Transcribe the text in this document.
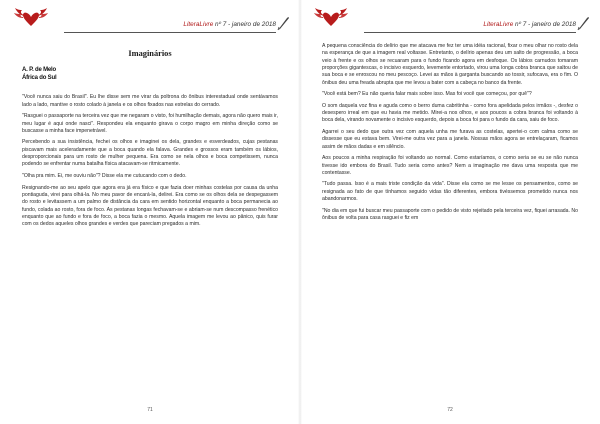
LiteraLivre nº 7 - janeiro de 2018
Imaginários
A. P. de Melo
África do Sul

"Você nunca saiu do Brasil". Eu lhe disse sem me virar da poltrona do ônibus interestadual onde sentávamos lado a lado, mantive o rosto colado à janela e os olhos fixados nas estrelas do cerrado.

"Rasguei o passaporte na terceira vez que me negaram o visto, foi humilhação demais, agora não quero mais ir, meu lugar é aqui onde nasci". Respondeu ela enquanto girava o corpo magro em minha direção como se buscasse a minha face impenetrável.

Percebendo a sua insistência, fechei os olhos e imaginei os dela, grandes e esverdeados, cujas pestanas piscavam mais aceleradamente que a boca quando ela falava. Grandes e grossos eram também os lábios, desproporcionais para um rosto de mulher pequena. Era como se nela olhos e boca competissem, nunca podendo se enfrentar numa batalha física atacavam-se ritmicamente.

"Olha pra mim. Ei, me ouviu não"? Disse ela me cutucando com o dedo.

Resignando-me ao seu apelo que agora era já era físico e que fazia doer minhas costelas por causa da unha pontiaguda, virei para olhá-la. No meu pavor de encará-la, delirei. Era como se os olhos dela se despegassem do rosto e levitassem a um palmo de distância da cara em sentido horizontal enquanto a boca permanecia ao fundo, colada ao rosto, fora de foco. As pestanas longas fechavam-se e abriam-se num descompasso frenético enquanto que ao fundo e fora de foco, a boca fazia o mesmo. Aquela imagem me levou ao pânico, quis furar com os dedos aqueles olhos grandes e verdes que pareciam pregados a mim.

71
LiteraLivre nº 7 - janeiro de 2018

A pequena consciência do delírio que me atacava me fez ter uma idéia racional, fixar o meu olhar no rosto dela na esperança de que a imagem real voltasse. Entretanto, o delírio apenas deu um salto de progressão, a boca veio à frente e os olhos se recuaram para o fundo ficando agora em desfoque. Os lábios carnudos tomaram proporções gigantescas, o incisivo esquerdo, levemente entortado, virou uma longa cobra branca que saltou de sua boca e se enroscou no meu pescoço. Levei as mãos à garganta buscando ao tossir, sufocava, era o fim. O ônibus deu uma freada abrupta que me levou a bater com a cabeça no banco da frente.

"Você está bem? Eu não queria falar mais sobre isso. Mas foi você que começou, por quê"?

O som daquela voz fina e aguda como o berro duma cabritinha - como fora apelidada pelos irmãos -, desfez o desespero irreal em que eu havia me metido. Mirei-a nos olhos, e aos poucos a cobra branca foi voltando à boca dela, virando novamente o incisivo esquerdo, depois a boca foi para o fundo da cara, saiu de foco.

Agarrei o seu dedo que outra vez com aquela unha me furava as costelas, apertei-o com calma como se dissesse que eu estava bem. Virei-me outra vez para a janela. Nossas mãos agora se entrelaçaram, ficamos assim de mãos dadas e em silêncio.

Aos poucos a minha respiração foi voltando ao normal. Como estaríamos, o como seria se eu se não nunca tivesse ido embora do Brasil. Tudo seria como antes? Nem a imaginação me dava uma resposta que me contentasse.

"Tudo passa. Isso é a mais triste condição da vida". Disse ela como se me lesse os pensamentos, como se resignada ao fato de que tínhamos seguido vidas tão diferentes, embora tivéssemos prometido nunca nos abandonarmos.

"No dia em que fui buscar meu passaporte com o pedido de visto rejeitado pela terceira vez, fiquei arrasada. No ônibus de volta para casa rasguei e fiz em

72
